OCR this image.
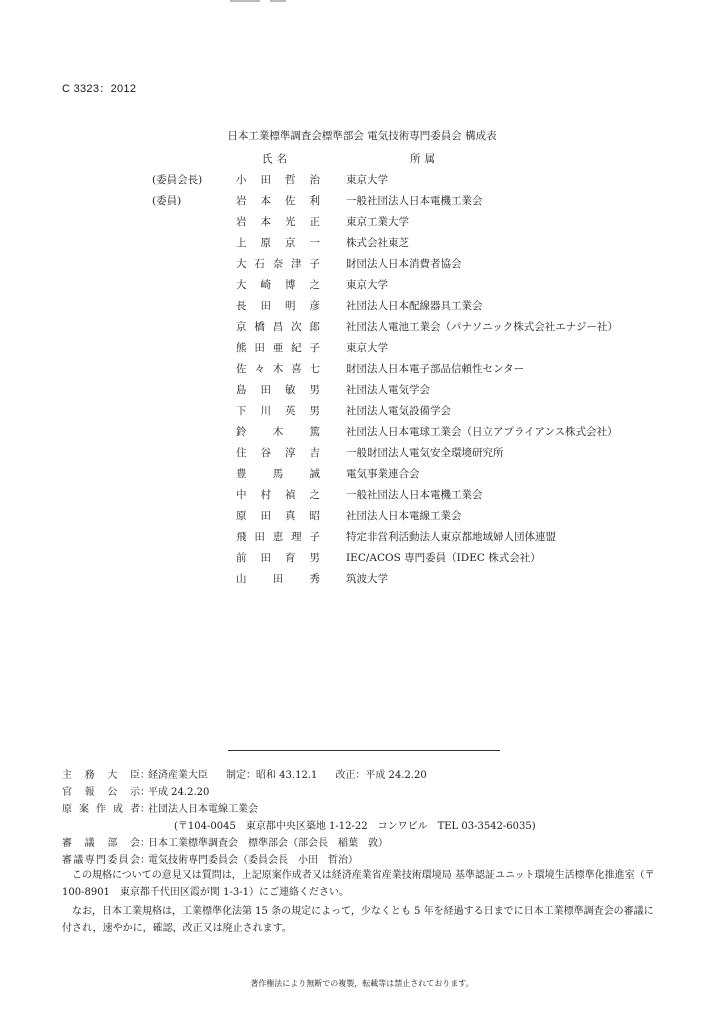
C 3323：2012
日本工業標準調査会標準部会 電気技術専門委員会 構成表
氏名	所属
(委員会長)
(委員)
小田哲治 東京大学
岩本佐利 一般社団法人日本電機工業会
岩本光正 東京工業大学
上原京一 株式会社東芝
大石奈津子 財団法人日本消費者協会
大崎博之 東京大学
長田明彦 社団法人日本配線器具工業会
京橋昌次郎 社団法人電池工業会（パナソニック株式会社エナジー社）
熊田亜紀子 東京大学
佐々木喜七 財団法人日本電子部品信頼性センター
島田敏男 社団法人電気学会
下川英男 社団法人電気設備学会
鈴木篤 社団法人日本電球工業会（日立アプライアンス株式会社）
住谷淳吉 一般財団法人電気安全環境研究所
豊馬誠 電気事業連合会
中村禎之 一般社団法人日本電機工業会
原田真昭 社団法人日本電線工業会
飛田恵理子 特定非営利活動法人東京都地域婦人団体連盟
前田育男 IEC/ACOS 専門委員（IDEC 株式会社）
山田秀 筑波大学
主務大臣：経済産業大臣 制定：昭和 43.12.1 改正：平成 24.2.20
官報公示：平成 24.2.20
原案作成者：社団法人日本電線工業会
(〒104-0045　東京都中央区築地 1-12-22　コンワビル　TEL 03-3542-6035)
審議部会：日本工業標準調査会　標準部会（部会長　稲葉　敦）
審議専門委員会：電気技術専門委員会（委員会長　小田　哲治）
この規格についての意見又は質問は，上記原案作成者又は経済産業省産業技術環境局 基準認証ユニット環境生活標準化推進室（〒100-8901　東京都千代田区霞が関 1-3-1）にご連絡ください。
なお，日本工業規格は，工業標準化法第 15 条の規定によって，少なくとも 5 年を経過する日までに日本工業標準調査会の審議に付され，速やかに，確認，改正又は廃止されます。
著作権法により無断での複製，転載等は禁止されております。
